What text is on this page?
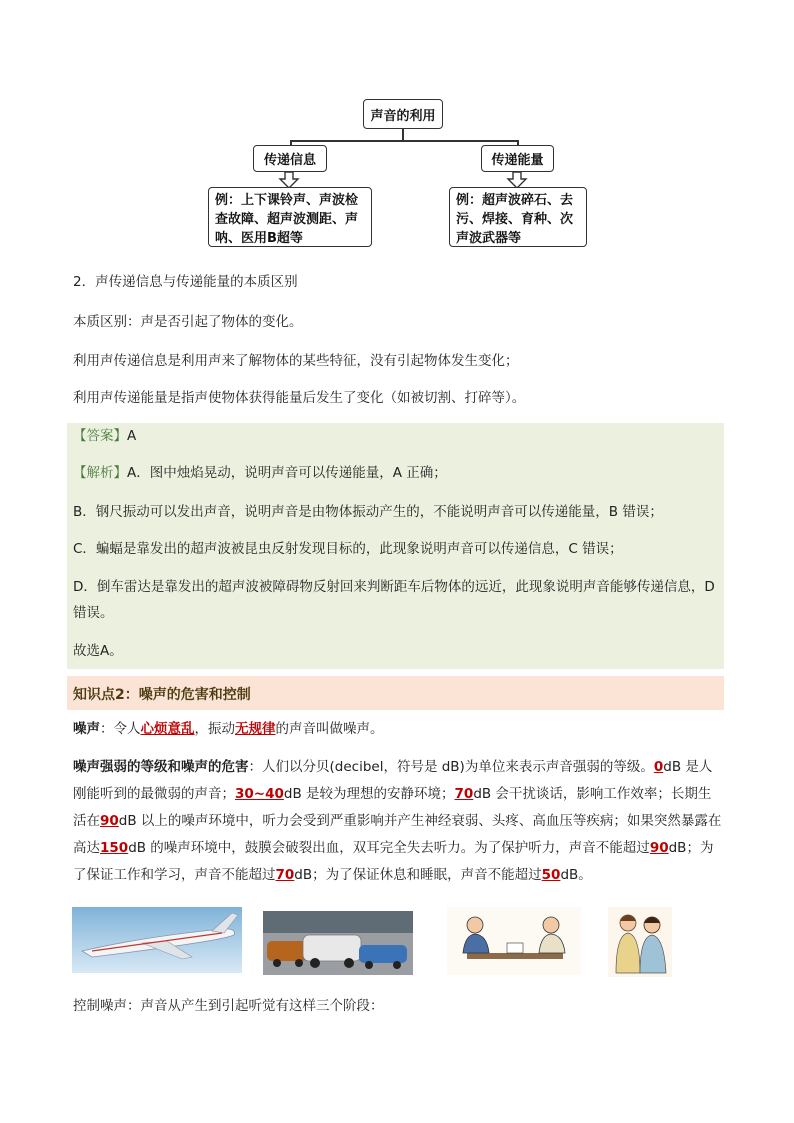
声音的利用
传递信息	传递能量
例：上下课铃声、声波检
查故障、超声波测距、声
呐、医用B超等
例：超声波碎石、去
污、焊接、育种、次
声波武器等
2．声传递信息与传递能量的本质区别
本质区别：声是否引起了物体的变化。
利用声传递信息是利用声来了解物体的某些特征，没有引起物体发生变化；
利用声传递能量是指声使物体获得能量后发生了变化（如被切割、打碎等）。
【答案】A
【解析】A．图中烛焰晃动，说明声音可以传递能量，A 正确；
B．钢尺振动可以发出声音，说明声音是由物体振动产生的，不能说明声音可以传递能量，B 错误；
C．蝙蝠是靠发出的超声波被昆虫反射发现目标的，此现象说明声音可以传递信息，C 错误；
D．倒车雷达是靠发出的超声波被障碍物反射回来判断距车后物体的远近，此现象说明声音能够传递信息，D
错误。
故选A。
知识点2：噪声的危害和控制
噪声：令人心烦意乱，振动无规律的声音叫做噪声。
噪声强弱的等级和噪声的危害：人们以分贝(decibel，符号是 dB)为单位来表示声音强弱的等级。0dB 是人刚能听到的最微弱的声音；30~40dB 是较为理想的安静环境；70dB 会干扰谈话，影响工作效率；长期生活在90dB 以上的噪声环境中，听力会受到严重影响并产生神经衰弱、头疼、高血压等疾病；如果突然暴露在高达150dB 的噪声环境中，鼓膜会破裂出血，双耳完全失去听力。为了保护听力，声音不能超过90dB；为了保证工作和学习，声音不能超过70dB；为了保证休息和睡眠，声音不能超过50dB。
控制噪声：声音从产生到引起听觉有这样三个阶段：
